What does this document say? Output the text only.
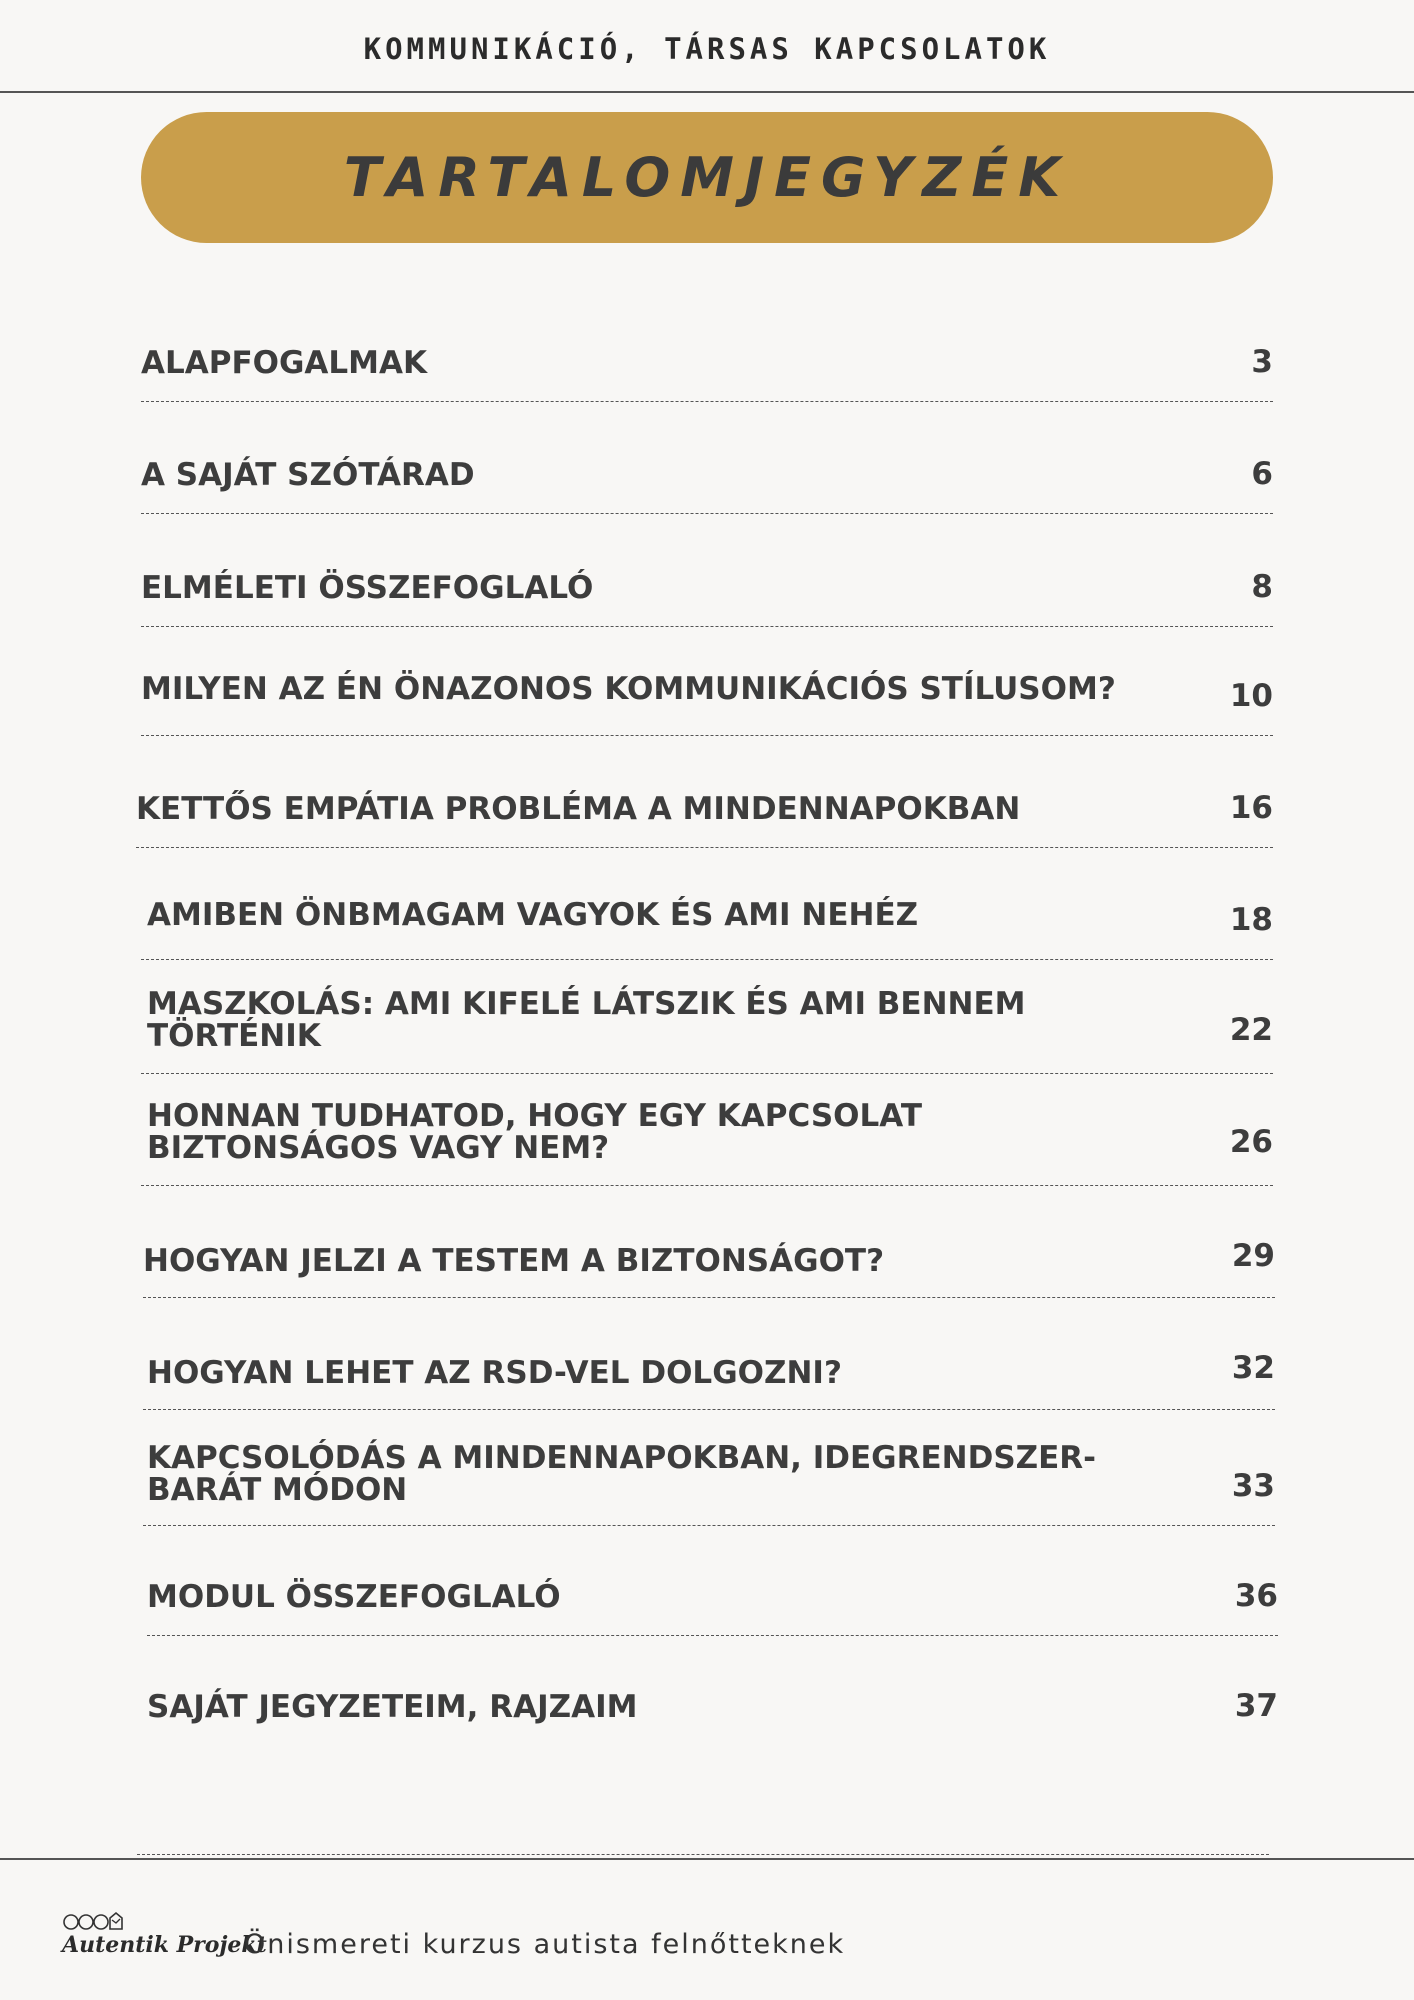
KOMMUNIKÁCIÓ, TÁRSAS KAPCSOLATOK
TARTALOMJEGYZÉK
ALAPFOGALMAK	3
A SAJÁT SZÓTÁRAD	6
ELMÉLETI ÖSSZEFOGLALÓ	8
MILYEN AZ ÉN ÖNAZONOS KOMMUNIKÁCIÓS STÍLUSOM?	10
KETTŐS EMPÁTIA PROBLÉMA A MINDENNAPOKBAN	16
AMIBEN ÖNBMAGAM VAGYOK ÉS AMI NEHÉZ	18
MASZKOLÁS: AMI KIFELÉ LÁTSZIK ÉS AMI BENNEM TÖRTÉNIK	22
HONNAN TUDHATOD, HOGY EGY KAPCSOLAT BIZTONSÁGOS VAGY NEM?	26
HOGYAN JELZI A TESTEM A BIZTONSÁGOT?	29
HOGYAN LEHET AZ RSD-VEL DOLGOZNI?	32
KAPCSOLÓDÁS A MINDENNAPOKBAN, IDEGRENDSZER-BARÁT MÓDON	33
MODUL ÖSSZEFOGLALÓ	36
SAJÁT JEGYZETEIM, RAJZAIM	37
Autentik Projekt
Önismereti kurzus autista felnőtteknek
